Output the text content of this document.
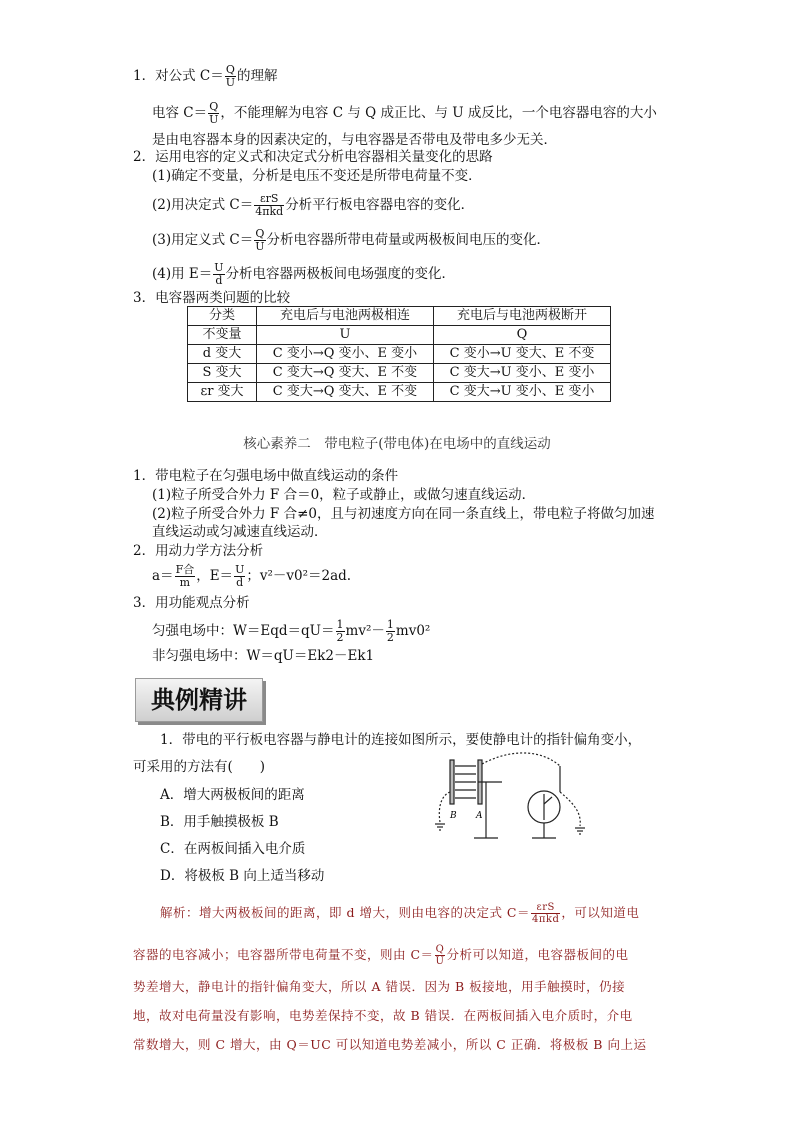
1．对公式 $C= \frac{Q}{U}$ 的理解
电容 $C= \frac{Q}{U}$ ，不能理解为电容 C 与 Q 成正比、与 U 成反比，一个电容器电容的大小
是由电容器本身的因素决定的，与电容器是否带电及带电多少无关．
2．运用电容的定义式和决定式分析电容器相关量变化的思路
(1)确定不变量，分析是电压不变还是所带电荷量不变．
(2)用决定式 $C= \frac{\text{εrS}}{\text{4πkd}}$ 分析平行板电容器电容的变化．
(3)用定义式 $C= \frac{Q}{U}$ 分析电容器所带电荷量或两极板间电压的变化．
(4)用 $E= \frac{U}{d}$ 分析电容器两极板间电场强度的变化．
3．电容器两类问题的比较
分类	充电后与电池两极相连	充电后与电池两极断开
不变量	U	Q
d 变大	C 变小→Q 变小、E 变小	C 变小→U 变大、E 不变
S 变大	C 变大→Q 变大、E 不变	C 变大→U 变小、E 变小
εr 变大	C 变大→Q 变大、E 不变	C 变大→U 变小、E 变小
核心素养二　带电粒子(带电体)在电场中的直线运动
1．带电粒子在匀强电场中做直线运动的条件
(1)粒子所受合外力 F 合＝0，粒子或静止，或做匀速直线运动．
(2)粒子所受合外力 F 合≠0，且与初速度方向在同一条直线上，带电粒子将做匀加速
直线运动或匀减速直线运动．
2．用动力学方法分析
$a= \frac{\text{F合}}{m}$ ，$E= \frac{U}{d}$ ；v²－v0²＝2ad.
3．用功能观点分析
匀强电场中：$W=Eqd=qU= \frac{1}{2} mv^2- \frac{1}{2} mv0^2$
非匀强电场中：W＝qU＝Ek2－Ek1
典例精讲
1．带电的平行板电容器与静电计的连接如图所示，要使静电计的指针偏角变小，
可采用的方法有(　　)
A．增大两极板间的距离
B．用手触摸极板 B
C．在两板间插入电介质
D．将极板 B 向上适当移动
B A
解析：增大两极板间的距离，即 d 增大，则由电容的决定式 $C= \frac{\text{εrS}}{\text{4πkd}}$ ，可以知道电
容器的电容减小；电容器所带电荷量不变，则由 $C= \frac{Q}{U}$ 分析可以知道，电容器板间的电
势差增大，静电计的指针偏角变大，所以 A 错误．因为 B 板接地，用手触摸时，仍接
地，故对电荷量没有影响，电势差保持不变，故 B 错误．在两板间插入电介质时，介电
常数增大，则 C 增大，由 Q＝UC 可以知道电势差减小，所以 C 正确．将极板 B 向上运
